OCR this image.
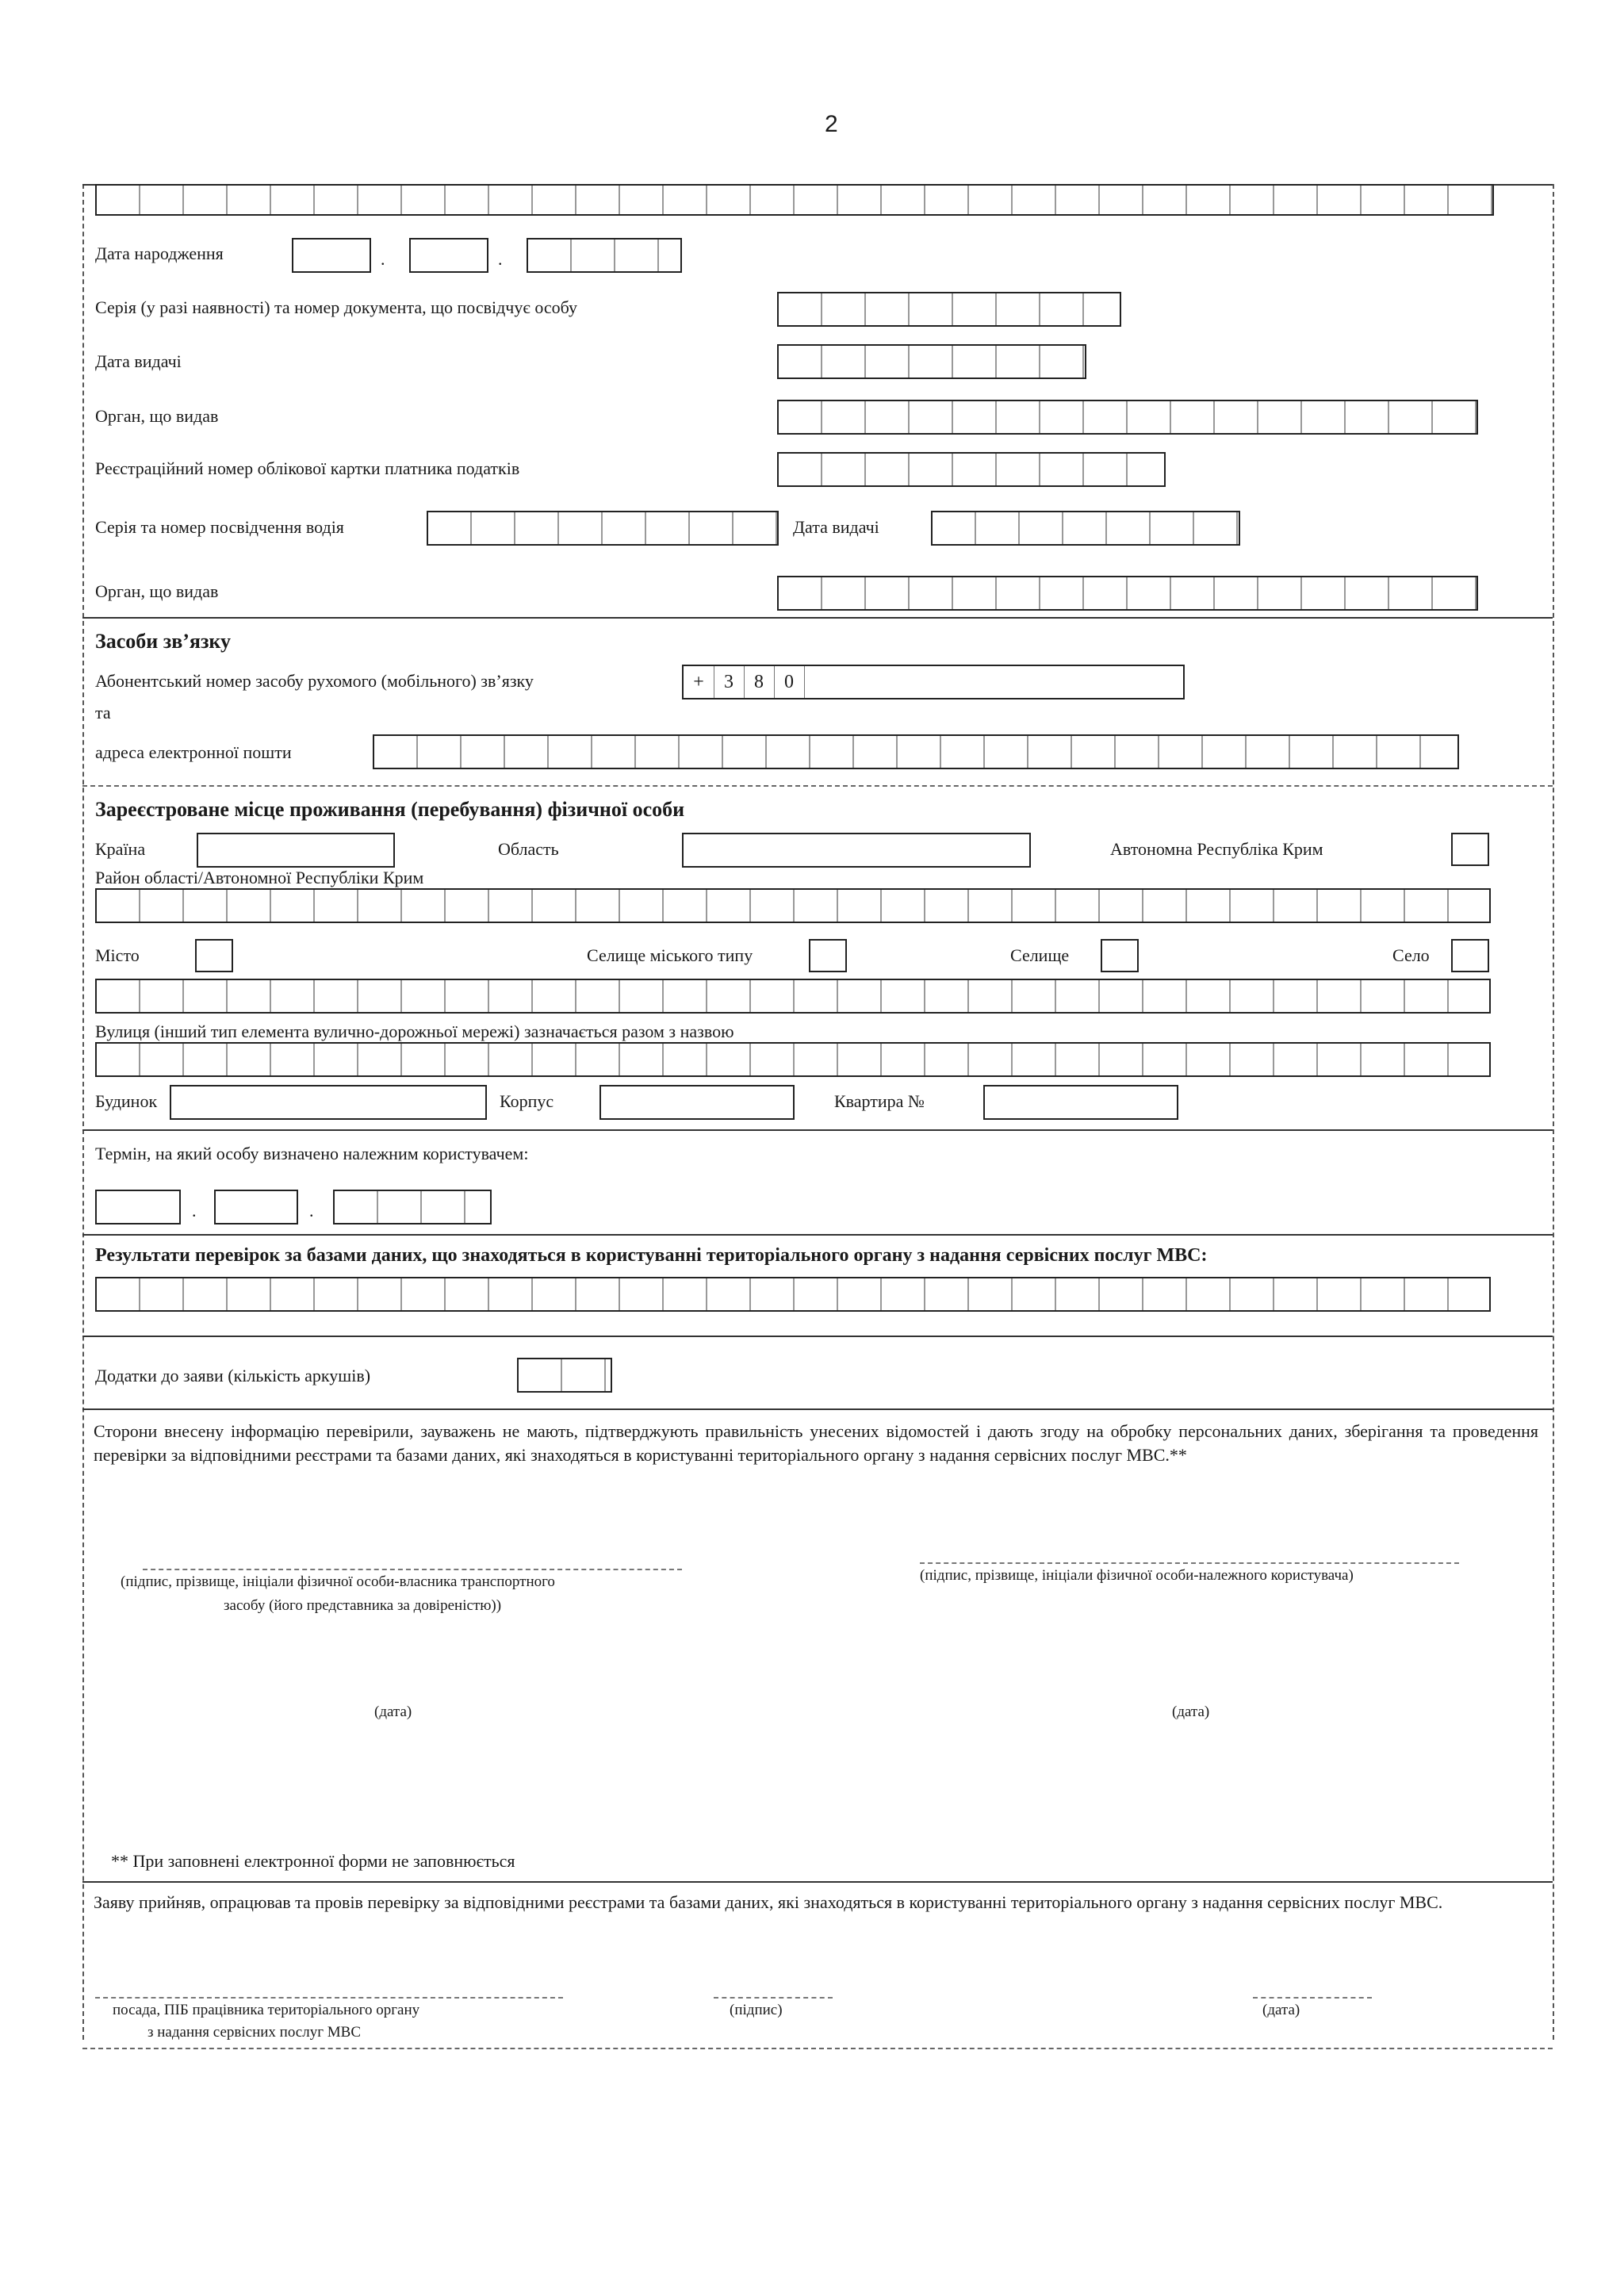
2
Дата народження	.	.
Серія (у разі наявності) та номер документа, що посвідчує особу
Дата видачі
Орган, що видав
Реєстраційний номер облікової картки платника податків
Серія та номер посвідчення водія	Дата видачі
Орган, що видав
Засоби зв’язку
Абонентський номер засобу рухомого (мобільного) зв’язку
та
+	3	8	0
адреса електронної пошти
Зареєстроване місце проживання (перебування) фізичної особи
Країна	Область	Автономна Республіка Крим
Район області/Автономної Республіки Крим
Місто	Селище міського типу	Селище	Село
Вулиця (інший тип елемента вулично-дорожньої мережі) зазначається разом з назвою
Будинок	Корпус	Квартира №
Термін, на який особу визначено належним користувачем:
.	.
Результати перевірок за базами даних, що знаходяться в користуванні територіального органу з надання сервісних послуг МВС:
Додатки до заяви (кількість аркушів)
Сторони внесену інформацію перевірили, зауважень не мають, підтверджують правильність унесених відомостей і дають згоду на обробку персональних даних, зберігання та проведення перевірки за відповідними реєстрами та базами даних, які знаходяться в користуванні територіального органу з надання сервісних послуг МВС.**
(підпис, прізвище, ініціали фізичної особи-власника транспортного
засобу (його представника за довіреністю))
(підпис, прізвище, ініціали фізичної особи-належного користувача)
(дата)	(дата)
** При заповнені електронної форми не заповнюється
Заяву прийняв, опрацював та провів перевірку за відповідними реєстрами та базами даних, які знаходяться в користуванні територіального органу з надання сервісних послуг МВС.
посада, ПІБ працівника територіального органу
з надання сервісних послуг МВС
(підпис)	(дата)
